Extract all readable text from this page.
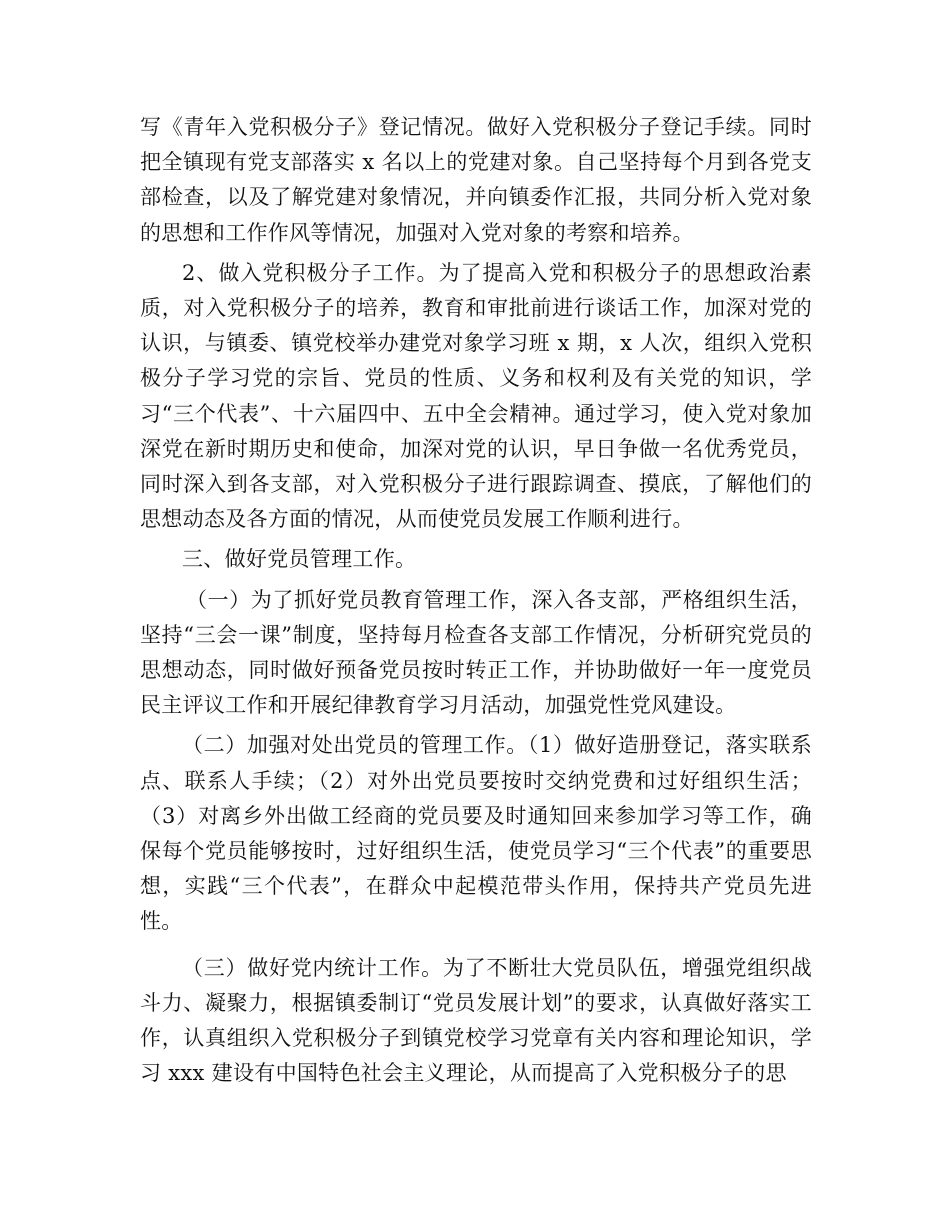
写《青年入党积极分子》登记情况。做好入党积极分子登记手续。同时把全镇现有党支部落实 x 名以上的党建对象。自己坚持每个月到各党支部检查，以及了解党建对象情况，并向镇委作汇报，共同分析入党对象的思想和工作作风等情况，加强对入党对象的考察和培养。

2、做入党积极分子工作。为了提高入党和积极分子的思想政治素质，对入党积极分子的培养，教育和审批前进行谈话工作，加深对党的认识，与镇委、镇党校举办建党对象学习班 x 期，x 人次，组织入党积极分子学习党的宗旨、党员的性质、义务和权利及有关党的知识，学习“三个代表”、十六届四中、五中全会精神。通过学习，使入党对象加深党在新时期历史和使命，加深对党的认识，早日争做一名优秀党员，同时深入到各支部，对入党积极分子进行跟踪调查、摸底，了解他们的思想动态及各方面的情况，从而使党员发展工作顺利进行。

三、做好党员管理工作。

（一）为了抓好党员教育管理工作，深入各支部，严格组织生活，坚持“三会一课”制度，坚持每月检查各支部工作情况，分析研究党员的思想动态，同时做好预备党员按时转正工作，并协助做好一年一度党员民主评议工作和开展纪律教育学习月活动，加强党性党风建设。

（二）加强对处出党员的管理工作。（1）做好造册登记，落实联系点、联系人手续；（2）对外出党员要按时交纳党费和过好组织生活；（3）对离乡外出做工经商的党员要及时通知回来参加学习等工作，确保每个党员能够按时，过好组织生活，使党员学习“三个代表”的重要思想，实践“三个代表”，在群众中起模范带头作用，保持共产党员先进性。

（三）做好党内统计工作。为了不断壮大党员队伍，增强党组织战斗力、凝聚力，根据镇委制订“党员发展计划”的要求，认真做好落实工作，认真组织入党积极分子到镇党校学习党章有关内容和理论知识，学习 xxx 建设有中国特色社会主义理论，从而提高了入党积极分子的思
